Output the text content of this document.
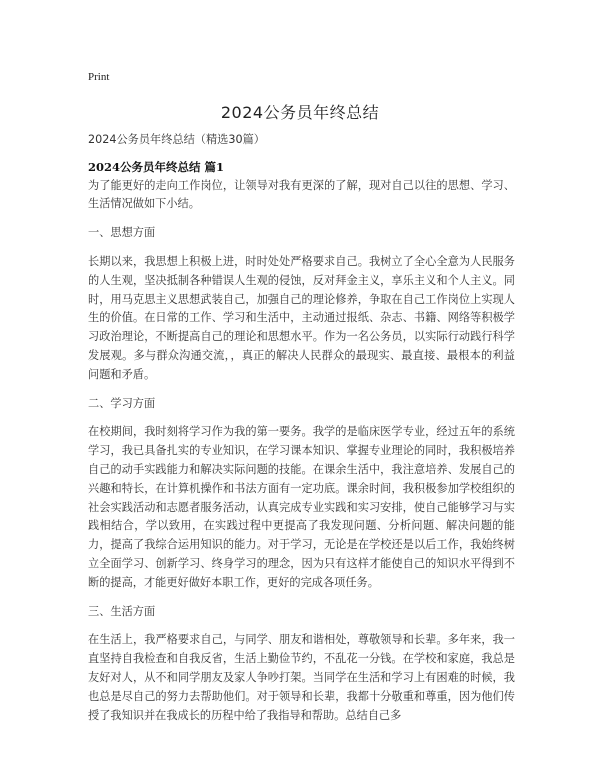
Print
2024公务员年终总结

2024公务员年终总结（精选30篇）

2024公务员年终总结 篇1

为了能更好的走向工作岗位，让领导对我有更深的了解，现对自己以往的思想、学习、生活情况做如下小结。

一、思想方面

长期以来，我思想上积极上进，时时处处严格要求自己。我树立了全心全意为人民服务的人生观，坚决抵制各种错误人生观的侵蚀，反对拜金主义，享乐主义和个人主义。同时，用马克思主义思想武装自己，加强自己的理论修养，争取在自己工作岗位上实现人生的价值。在日常的工作、学习和生活中，主动通过报纸、杂志、书籍、网络等积极学习政治理论，不断提高自己的理论和思想水平。作为一名公务员，以实际行动践行科学发展观。多与群众沟通交流，，真正的解决人民群众的最现实、最直接、最根本的利益问题和矛盾。

二、学习方面

在校期间，我时刻将学习作为我的第一要务。我学的是临床医学专业，经过五年的系统学习，我已具备扎实的专业知识，在学习课本知识、掌握专业理论的同时，我积极培养自己的动手实践能力和解决实际问题的技能。在课余生活中，我注意培养、发展自己的兴趣和特长，在计算机操作和书法方面有一定功底。课余时间，我积极参加学校组织的社会实践活动和志愿者服务活动，认真完成专业实践和实习安排，使自己能够学习与实践相结合，学以致用，在实践过程中更提高了我发现问题、分析问题、解决问题的能力，提高了我综合运用知识的能力。对于学习，无论是在学校还是以后工作，我始终树立全面学习、创新学习、终身学习的理念，因为只有这样才能使自己的知识水平得到不断的提高，才能更好做好本职工作，更好的完成各项任务。

三、生活方面

在生活上，我严格要求自己，与同学、朋友和谐相处，尊敬领导和长辈。多年来，我一直坚持自我检查和自我反省，生活上勤俭节约，不乱花一分钱。在学校和家庭，我总是友好对人，从不和同学朋友及家人争吵打架。当同学在生活和学习上有困难的时候，我也总是尽自己的努力去帮助他们。对于领导和长辈，我都十分敬重和尊重，因为他们传授了我知识并在我成长的历程中给了我指导和帮助。总结自己多
